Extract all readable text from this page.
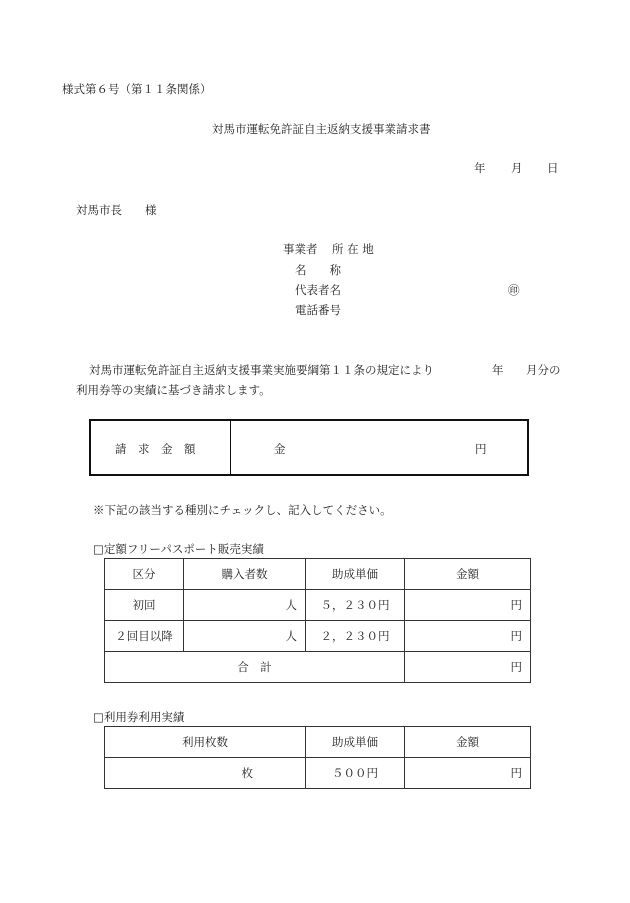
様式第６号（第１１条関係）
対馬市運転免許証自主返納支援事業請求書
年 月 日
対馬市長　　様
事業者 所 在 地
名　　称
代表者名	㊞
電話番号
対馬市運転免許証自主返納支援事業実施要綱第１１条の規定により	年 月分の
利用券等の実績に基づき請求します。
請　求　金　額	金	円
※下記の該当する種別にチェックし、記入してください。
□定額フリーパスポート販売実績
区分	購入者数	助成単価	金額
初回	人	５，２３０円	円
２回目以降	人	２，２３０円	円
合　計			円
□利用券利用実績
利用枚数	助成単価	金額
枚	５００円	円
